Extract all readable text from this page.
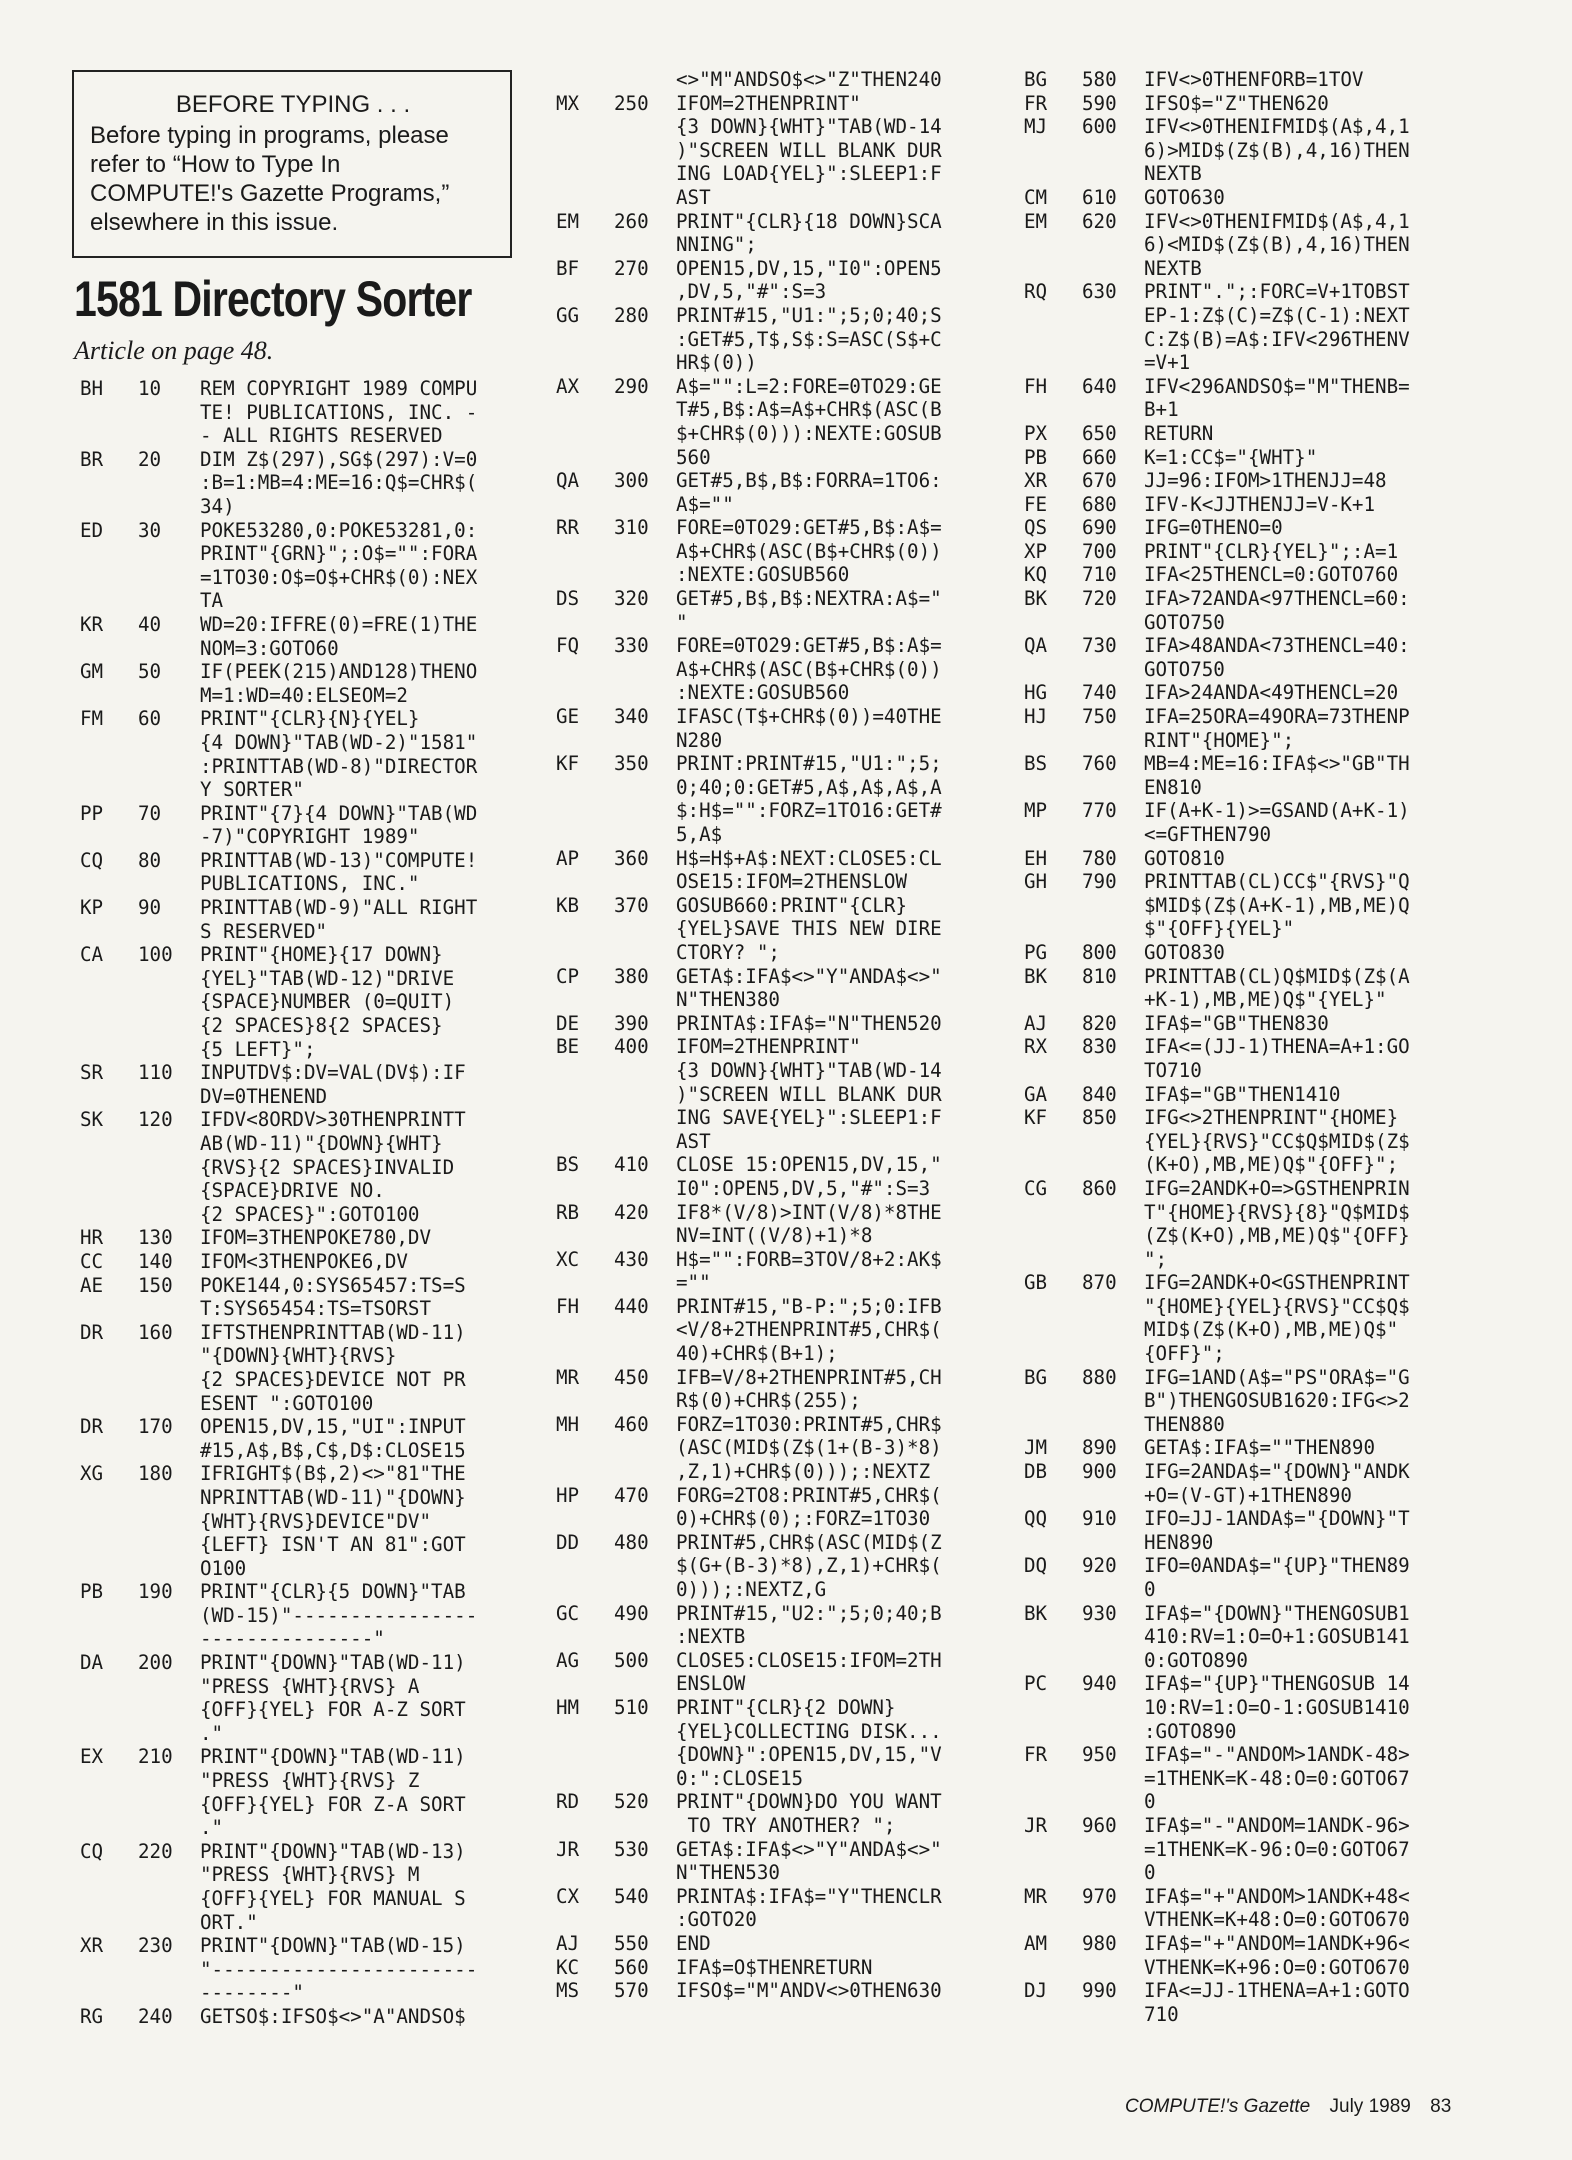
BEFORE TYPING . . .
Before typing in programs, please
refer to “How to Type In
COMPUTE!'s Gazette Programs,”
elsewhere in this issue.
1581 Directory Sorter
Article on page 48.
BH 10 REM COPYRIGHT 1989 COMPU
TE! PUBLICATIONS, INC. -
- ALL RIGHTS RESERVED
BR 20 DIM Z$(297),SG$(297):V=0
:B=1:MB=4:ME=16:Q$=CHR$(
34)
ED 30 POKE53280,0:POKE53281,0:
PRINT"{GRN}";:O$="":FORA
=1TO30:O$=O$+CHR$(0):NEX
TA
KR 40 WD=20:IFFRE(0)=FRE(1)THE
NOM=3:GOTO60
GM 50 IF(PEEK(215)AND128)THENO
M=1:WD=40:ELSEOM=2
FM 60 PRINT"{CLR}{N}{YEL}
{4 DOWN}"TAB(WD-2)"1581"
:PRINTTAB(WD-8)"DIRECTOR
Y SORTER"
PP 70 PRINT"{7}{4 DOWN}"TAB(WD
-7)"COPYRIGHT 1989"
CQ 80 PRINTTAB(WD-13)"COMPUTE!
PUBLICATIONS, INC."
KP 90 PRINTTAB(WD-9)"ALL RIGHT
S RESERVED"
CA 100 PRINT"{HOME}{17 DOWN}
{YEL}"TAB(WD-12)"DRIVE
{SPACE}NUMBER (0=QUIT)
{2 SPACES}8{2 SPACES}
{5 LEFT}";
SR 110 INPUTDV$:DV=VAL(DV$):IF
DV=0THENEND
SK 120 IFDV<8ORDV>30THENPRINTT
AB(WD-11)"{DOWN}{WHT}
{RVS}{2 SPACES}INVALID
{SPACE}DRIVE NO.
{2 SPACES}":GOTO100
HR 130 IFOM=3THENPOKE780,DV
CC 140 IFOM<3THENPOKE6,DV
AE 150 POKE144,0:SYS65457:TS=S
T:SYS65454:TS=TSORST
DR 160 IFTSTHENPRINTTAB(WD-11)
"{DOWN}{WHT}{RVS}
{2 SPACES}DEVICE NOT PR
ESENT ":GOTO100
DR 170 OPEN15,DV,15,"UI":INPUT
#15,A$,B$,C$,D$:CLOSE15
XG 180 IFRIGHT$(B$,2)<>"81"THE
NPRINTTAB(WD-11)"{DOWN}
{WHT}{RVS}DEVICE"DV"
{LEFT} ISN'T AN 81":GOT
O100
PB 190 PRINT"{CLR}{5 DOWN}"TAB
(WD-15)"----------------
---------------"
DA 200 PRINT"{DOWN}"TAB(WD-11)
"PRESS {WHT}{RVS} A
{OFF}{YEL} FOR A-Z SORT
."
EX 210 PRINT"{DOWN}"TAB(WD-11)
"PRESS {WHT}{RVS} Z
{OFF}{YEL} FOR Z-A SORT
."
CQ 220 PRINT"{DOWN}"TAB(WD-13)
"PRESS {WHT}{RVS} M
{OFF}{YEL} FOR MANUAL S
ORT."
XR 230 PRINT"{DOWN}"TAB(WD-15)
"-----------------------
--------"
RG 240 GETSO$:IFSO$<>"A"ANDSO$
<>"M"ANDSO$<>"Z"THEN240
MX 250 IFOM=2THENPRINT"
{3 DOWN}{WHT}"TAB(WD-14
)"SCREEN WILL BLANK DUR
ING LOAD{YEL}":SLEEP1:F
AST
EM 260 PRINT"{CLR}{18 DOWN}SCA
NNING";
BF 270 OPEN15,DV,15,"I0":OPEN5
,DV,5,"#":S=3
GG 280 PRINT#15,"U1:";5;0;40;S
:GET#5,T$,S$:S=ASC(S$+C
HR$(0))
AX 290 A$="":L=2:FORE=0TO29:GE
T#5,B$:A$=A$+CHR$(ASC(B
$+CHR$(0))):NEXTE:GOSUB
560
QA 300 GET#5,B$,B$:FORRA=1TO6:
A$=""
RR 310 FORE=0TO29:GET#5,B$:A$=
A$+CHR$(ASC(B$+CHR$(0))
:NEXTE:GOSUB560
DS 320 GET#5,B$,B$:NEXTRA:A$="
"
FQ 330 FORE=0TO29:GET#5,B$:A$=
A$+CHR$(ASC(B$+CHR$(0))
:NEXTE:GOSUB560
GE 340 IFASC(T$+CHR$(0))=40THE
N280
KF 350 PRINT:PRINT#15,"U1:";5;
0;40;0:GET#5,A$,A$,A$,A
$:H$="":FORZ=1TO16:GET#
5,A$
AP 360 H$=H$+A$:NEXT:CLOSE5:CL
OSE15:IFOM=2THENSLOW
KB 370 GOSUB660:PRINT"{CLR}
{YEL}SAVE THIS NEW DIRE
CTORY? ";
CP 380 GETA$:IFA$<>"Y"ANDA$<>"
N"THEN380
DE 390 PRINTA$:IFA$="N"THEN520
BE 400 IFOM=2THENPRINT"
{3 DOWN}{WHT}"TAB(WD-14
)"SCREEN WILL BLANK DUR
ING SAVE{YEL}":SLEEP1:F
AST
BS 410 CLOSE 15:OPEN15,DV,15,"
I0":OPEN5,DV,5,"#":S=3
RB 420 IF8*(V/8)>INT(V/8)*8THE
NV=INT((V/8)+1)*8
XC 430 H$="":FORB=3TOV/8+2:AK$
=""
FH 440 PRINT#15,"B-P:";5;0:IFB
<V/8+2THENPRINT#5,CHR$(
40)+CHR$(B+1);
MR 450 IFB=V/8+2THENPRINT#5,CH
R$(0)+CHR$(255);
MH 460 FORZ=1TO30:PRINT#5,CHR$
(ASC(MID$(Z$(1+(B-3)*8)
,Z,1)+CHR$(0)));:NEXTZ
HP 470 FORG=2TO8:PRINT#5,CHR$(
0)+CHR$(0);:FORZ=1TO30
DD 480 PRINT#5,CHR$(ASC(MID$(Z
$(G+(B-3)*8),Z,1)+CHR$(
0)));:NEXTZ,G
GC 490 PRINT#15,"U2:";5;0;40;B
:NEXTB
AG 500 CLOSE5:CLOSE15:IFOM=2TH
ENSLOW
HM 510 PRINT"{CLR}{2 DOWN}
{YEL}COLLECTING DISK...
{DOWN}":OPEN15,DV,15,"V
0:":CLOSE15
RD 520 PRINT"{DOWN}DO YOU WANT
TO TRY ANOTHER? ";
JR 530 GETA$:IFA$<>"Y"ANDA$<>"
N"THEN530
CX 540 PRINTA$:IFA$="Y"THENCLR
:GOTO20
AJ 550 END
KC 560 IFA$=O$THENRETURN
MS 570 IFSO$="M"ANDV<>0THEN630
BG 580 IFV<>0THENFORB=1TOV
FR 590 IFSO$="Z"THEN620
MJ 600 IFV<>0THENIFMID$(A$,4,1
6)>MID$(Z$(B),4,16)THEN
NEXTB
CM 610 GOTO630
EM 620 IFV<>0THENIFMID$(A$,4,1
6)<MID$(Z$(B),4,16)THEN
NEXTB
RQ 630 PRINT".";:FORC=V+1TOBST
EP-1:Z$(C)=Z$(C-1):NEXT
C:Z$(B)=A$:IFV<296THENV
=V+1
FH 640 IFV<296ANDSO$="M"THENB=
B+1
PX 650 RETURN
PB 660 K=1:CC$="{WHT}"
XR 670 JJ=96:IFOM>1THENJJ=48
FE 680 IFV-K<JJTHENJJ=V-K+1
QS 690 IFG=0THENO=0
XP 700 PRINT"{CLR}{YEL}";:A=1
KQ 710 IFA<25THENCL=0:GOTO760
BK 720 IFA>72ANDA<97THENCL=60:
GOTO750
QA 730 IFA>48ANDA<73THENCL=40:
GOTO750
HG 740 IFA>24ANDA<49THENCL=20
HJ 750 IFA=25ORA=49ORA=73THENP
RINT"{HOME}";
BS 760 MB=4:ME=16:IFA$<>"GB"TH
EN810
MP 770 IF(A+K-1)>=GSAND(A+K-1)
<=GFTHEN790
EH 780 GOTO810
GH 790 PRINTTAB(CL)CC$"{RVS}"Q
$MID$(Z$(A+K-1),MB,ME)Q
$"{OFF}{YEL}"
PG 800 GOTO830
BK 810 PRINTTAB(CL)Q$MID$(Z$(A
+K-1),MB,ME)Q$"{YEL}"
AJ 820 IFA$="GB"THEN830
RX 830 IFA<=(JJ-1)THENA=A+1:GO
TO710
GA 840 IFA$="GB"THEN1410
KF 850 IFG<>2THENPRINT"{HOME}
{YEL}{RVS}"CC$Q$MID$(Z$
(K+O),MB,ME)Q$"{OFF}";
CG 860 IFG=2ANDK+O=>GSTHENPRIN
T"{HOME}{RVS}{8}"Q$MID$
(Z$(K+O),MB,ME)Q$"{OFF}
";
GB 870 IFG=2ANDK+O<GSTHENPRINT
"{HOME}{YEL}{RVS}"CC$Q$
MID$(Z$(K+O),MB,ME)Q$"
{OFF}";
BG 880 IFG=1AND(A$="PS"ORA$="G
B")THENGOSUB1620:IFG<>2
THEN880
JM 890 GETA$:IFA$=""THEN890
DB 900 IFG=2ANDA$="{DOWN}"ANDK
+O=(V-GT)+1THEN890
QQ 910 IFO=JJ-1ANDA$="{DOWN}"T
HEN890
DQ 920 IFO=0ANDA$="{UP}"THEN89
0
BK 930 IFA$="{DOWN}"THENGOSUB1
410:RV=1:O=O+1:GOSUB141
0:GOTO890
PC 940 IFA$="{UP}"THENGOSUB 14
10:RV=1:O=O-1:GOSUB1410
:GOTO890
FR 950 IFA$="-"ANDOM>1ANDK-48>
=1THENK=K-48:O=0:GOTO67
0
JR 960 IFA$="-"ANDOM=1ANDK-96>
=1THENK=K-96:O=0:GOTO67
0
MR 970 IFA$="+"ANDOM>1ANDK+48<
VTHENK=K+48:O=0:GOTO670
AM 980 IFA$="+"ANDOM=1ANDK+96<
VTHENK=K+96:O=0:GOTO670
DJ 990 IFA<=JJ-1THENA=A+1:GOTO
710
COMPUTE!'s Gazette July 1989 83
